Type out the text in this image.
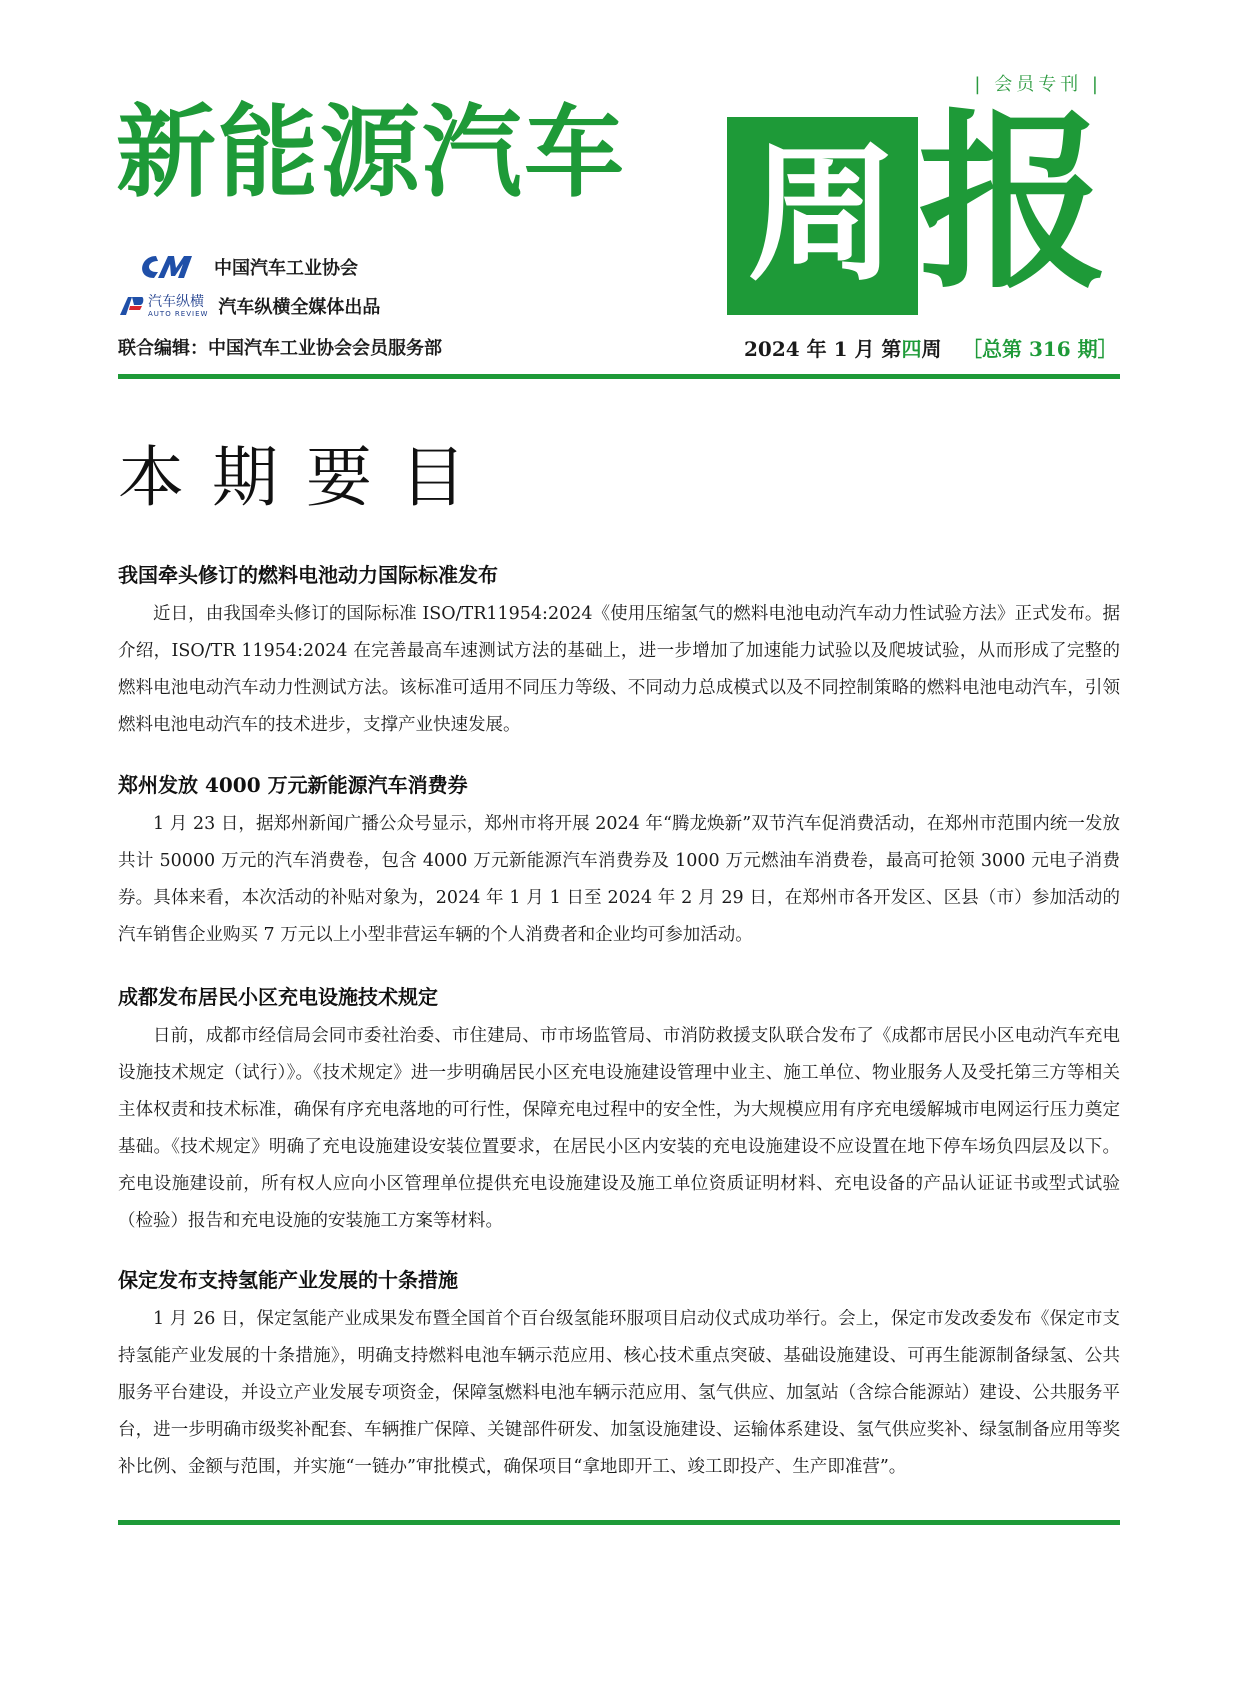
| 会员专刊 |
新能源汽车 周 报
中国汽车工业协会
汽车纵横
AUTO REVIEW 汽车纵横全媒体出品
联合编辑：中国汽车工业协会会员服务部	2024 年 1 月 第四周 ［总第 316 期］
本期要目
我国牵头修订的燃料电池动力国际标准发布

近日，由我国牵头修订的国际标准 ISO/TR11954:2024《使用压缩氢气的燃料电池电动汽车动力性试验方法》正式发布。据介绍，ISO/TR 11954:2024 在完善最高车速测试方法的基础上，进一步增加了加速能力试验以及爬坡试验，从而形成了完整的燃料电池电动汽车动力性测试方法。该标准可适用不同压力等级、不同动力总成模式以及不同控制策略的燃料电池电动汽车，引领燃料电池电动汽车的技术进步，支撑产业快速发展。

郑州发放 4000 万元新能源汽车消费券

1 月 23 日，据郑州新闻广播公众号显示，郑州市将开展 2024 年“腾龙焕新”双节汽车促消费活动，在郑州市范围内统一发放共计 50000 万元的汽车消费卷，包含 4000 万元新能源汽车消费券及 1000 万元燃油车消费卷，最高可抢领 3000 元电子消费券。具体来看，本次活动的补贴对象为，2024 年 1 月 1 日至 2024 年 2 月 29 日，在郑州市各开发区、区县（市）参加活动的汽车销售企业购买 7 万元以上小型非营运车辆的个人消费者和企业均可参加活动。

成都发布居民小区充电设施技术规定

日前，成都市经信局会同市委社治委、市住建局、市市场监管局、市消防救援支队联合发布了《成都市居民小区电动汽车充电设施技术规定（试行）》。《技术规定》进一步明确居民小区充电设施建设管理中业主、施工单位、物业服务人及受托第三方等相关主体权责和技术标准，确保有序充电落地的可行性，保障充电过程中的安全性，为大规模应用有序充电缓解城市电网运行压力奠定基础。《技术规定》明确了充电设施建设安装位置要求，在居民小区内安装的充电设施建设不应设置在地下停车场负四层及以下。充电设施建设前，所有权人应向小区管理单位提供充电设施建设及施工单位资质证明材料、充电设备的产品认证证书或型式试验（检验）报告和充电设施的安装施工方案等材料。

保定发布支持氢能产业发展的十条措施

1 月 26 日，保定氢能产业成果发布暨全国首个百台级氢能环服项目启动仪式成功举行。会上，保定市发改委发布《保定市支持氢能产业发展的十条措施》，明确支持燃料电池车辆示范应用、核心技术重点突破、基础设施建设、可再生能源制备绿氢、公共服务平台建设，并设立产业发展专项资金，保障氢燃料电池车辆示范应用、氢气供应、加氢站（含综合能源站）建设、公共服务平台，进一步明确市级奖补配套、车辆推广保障、关键部件研发、加氢设施建设、运输体系建设、氢气供应奖补、绿氢制备应用等奖补比例、金额与范围，并实施“一链办”审批模式，确保项目“拿地即开工、竣工即投产、生产即准营”。
